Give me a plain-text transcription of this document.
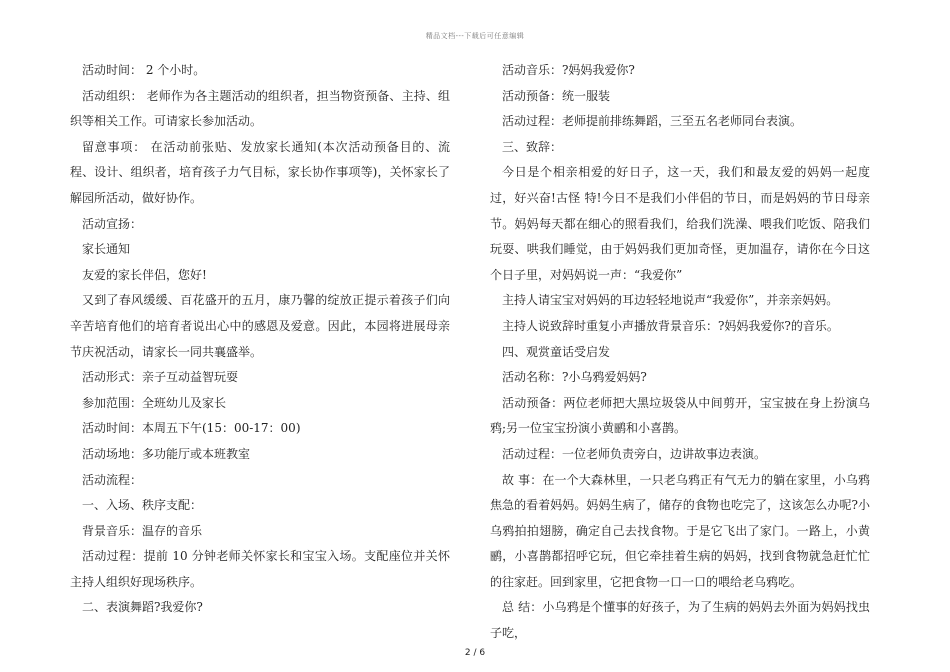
精品文档---下载后可任意编辑

活动时间： 2 个小时。

活动组织： 老师作为各主题活动的组织者，担当物资预备、主持、组织等相关工作。可请家长参加活动。

留意事项： 在活动前张贴、发放家长通知(本次活动预备目的、流程、设计、组织者，培育孩子力气目标，家长协作事项等)，关怀家长了解园所活动，做好协作。

活动宣扬：

家长通知

友爱的家长伴侣，您好!

又到了春风缓缓、百花盛开的五月，康乃馨的绽放正提示着孩子们向辛苦培育他们的培育者说出心中的感恩及爱意。因此，本园将进展母亲节庆祝活动，请家长一同共襄盛举。

活动形式：亲子互动益智玩耍

参加范围：全班幼儿及家长

活动时间：本周五下午(15：00-17：00)

活动场地：多功能厅或本班教室

活动流程：

一、入场、秩序支配：

背景音乐：温存的音乐

活动过程：提前 10 分钟老师关怀家长和宝宝入场。支配座位并关怀主持人组织好现场秩序。

二、表演舞蹈?我爱你?

活动音乐：?妈妈我爱你?

活动预备：统一服装

活动过程：老师提前排练舞蹈，三至五名老师同台表演。

三、致辞：

今日是个相亲相爱的好日子，这一天，我们和最友爱的妈妈一起度过，好兴奋!古怪 特!今日不是我们小伴侣的节日，而是妈妈的节日母亲节。妈妈每天都在细心的照看我们，给我们洗澡、喂我们吃饭、陪我们玩耍、哄我们睡觉，由于妈妈我们更加奇怪，更加温存，请你在今日这个日子里，对妈妈说一声：“我爱你”

主持人请宝宝对妈妈的耳边轻轻地说声“我爱你”，并亲亲妈妈。

主持人说致辞时重复小声播放背景音乐：?妈妈我爱你?的音乐。

四、观赏童话受启发

活动名称：?小乌鸦爱妈妈?

活动预备：两位老师把大黑垃圾袋从中间剪开，宝宝披在身上扮演乌鸦;另一位宝宝扮演小黄鹂和小喜鹊。

活动过程：一位老师负责旁白，边讲故事边表演。

故 事：在一个大森林里，一只老乌鸦正有气无力的躺在家里，小乌鸦焦急的看着妈妈。妈妈生病了，储存的食物也吃完了，这该怎么办呢?小乌鸦拍拍翅膀，确定自己去找食物。于是它飞出了家门。一路上，小黄鹂，小喜鹊都招呼它玩，但它牵挂着生病的妈妈，找到食物就急赶忙忙的往家赶。回到家里，它把食物一口一口的喂给老乌鸦吃。

总 结：小乌鸦是个懂事的好孩子，为了生病的妈妈去外面为妈妈找虫子吃，

2 / 6
